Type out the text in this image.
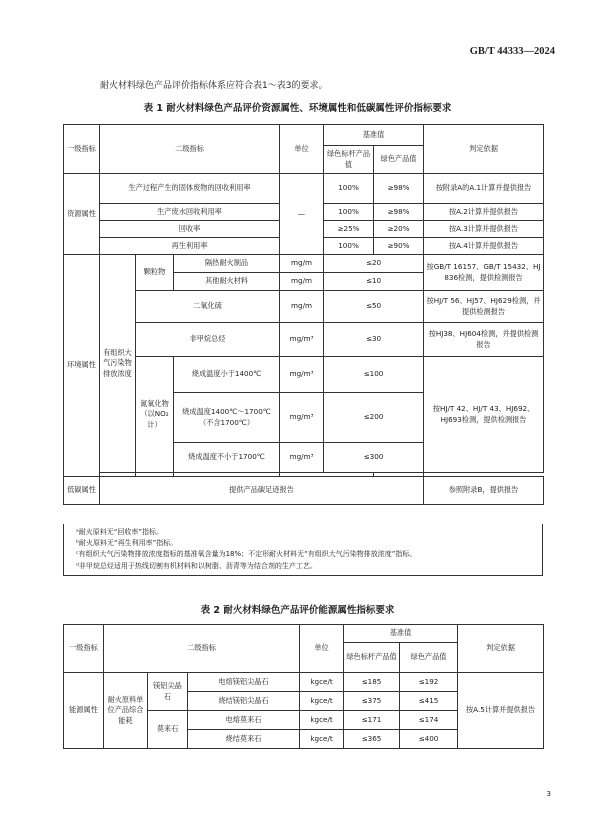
GB/T 44333—2024
耐火材料绿色产品评价指标体系应符合表1～表3的要求。
表 1 耐火材料绿色产品评价资源属性、环境属性和低碳属性评价指标要求
一级指标	二级指标			单位	基准值		判定依据
					绿色标杆产品值	绿色产品值	
资源属性	生产过程产生的固体废物的回收利用率			—	100%	≥98%	按附录A的A.1计算并提供报告
	生产废水回收利用率				100%	≥98%	按A.2计算并提供报告
	回收率				≥25%	≥20%	按A.3计算并提供报告
	再生利用率				100%	≥90%	按A.4计算并提供报告
环境属性	有组织大气污染物排放浓度	颗粒物	隔热耐火制品	mg/m	≤20		按GB/T 16157、GB/T 15432、HJ 836检测，提供检测报告
			其他耐火材料	mg/m	≤10		
		二氧化硫		mg/m	≤50		按HJ/T 56、HJ57、HJ629检测，并提供检测报告
		非甲烷总烃		mg/m³	≤30		按HJ38、HJ604检测，并提供检测报告
		氮氧化物（以NO₂计）	烧成温度小于1400℃	mg/m³	≤100		按HJ/T 42、HJ/T 43、HJ692、HJ693检测，提供检测报告
			烧成温度1400℃～1700℃（不含1700℃）	mg/m³	≤200		
			烧成温度不小于1700℃	mg/m³	≤300		

低碳属性	提供产品碳足迹报告						参照附录B，提供报告
ᵃ耐火原料无“回收率”指标。
ᵇ耐火原料无“再生利用率”指标。
ᶜ有组织大气污染物排放浓度指标的基准氧含量为18%；不定形耐火材料无“有组织大气污染物排放浓度”指标。
ᵈ非甲烷总烃适用于热线切割有机材料和以树脂、沥青等为结合剂的生产工艺。
表 2 耐火材料绿色产品评价能源属性指标要求
一级指标	二级指标			单位	基准值		判定依据
					绿色标杆产品值	绿色产品值	
能源属性	耐火原料单位产品综合能耗	镁铝尖晶石	电熔镁铝尖晶石	kgce/t	≤185	≤192	按A.5计算并提供报告
			烧结镁铝尖晶石	kgce/t	≤375	≤415	
		莫来石	电熔莫来石	kgce/t	≤171	≤174	
			烧结莫来石	kgce/t	≤365	≤400	
3
